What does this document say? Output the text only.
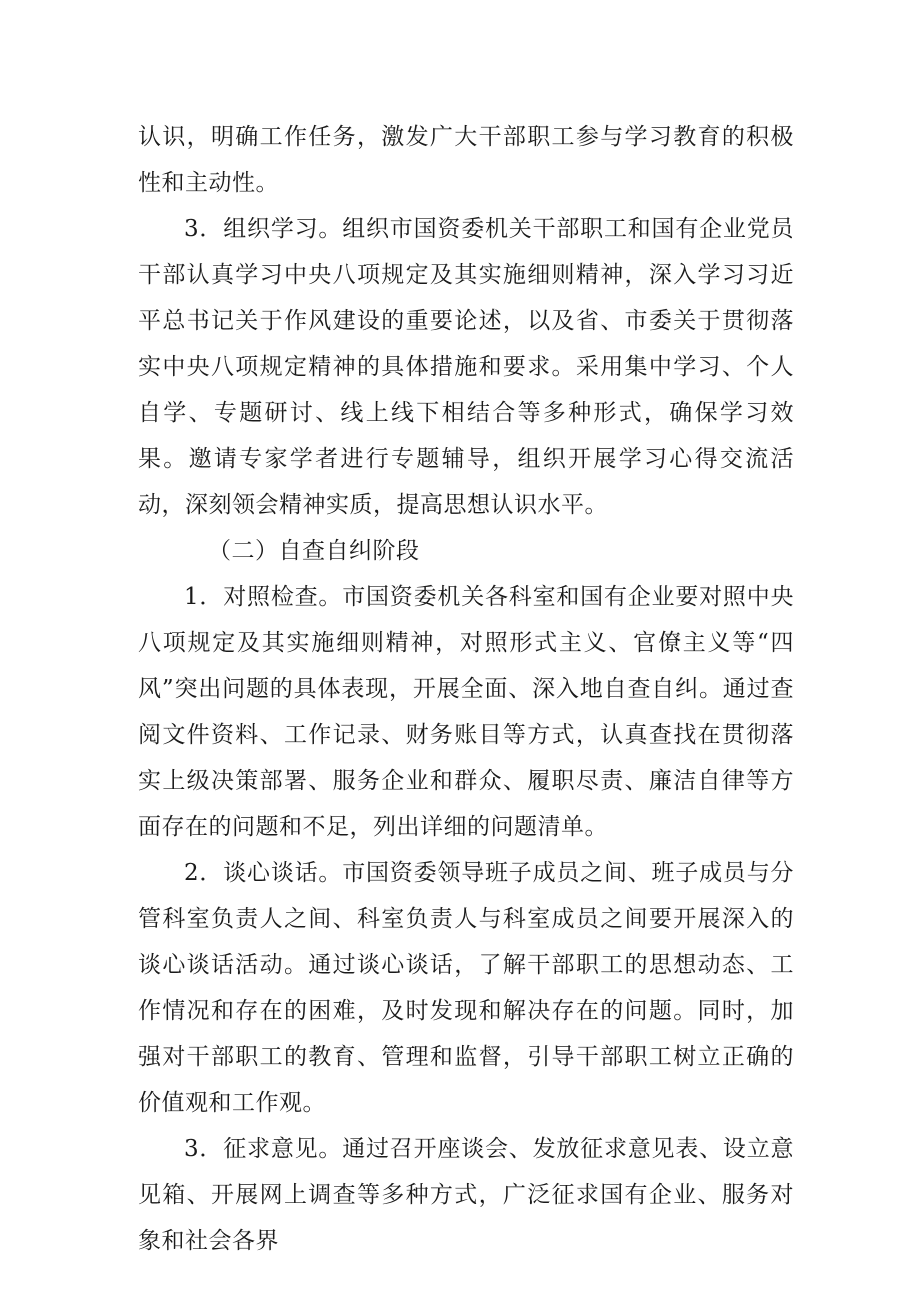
认识，明确工作任务，激发广大干部职工参与学习教育的积极性和主动性。

3．组织学习。组织市国资委机关干部职工和国有企业党员干部认真学习中央八项规定及其实施细则精神，深入学习习近平总书记关于作风建设的重要论述，以及省、市委关于贯彻落实中央八项规定精神的具体措施和要求。采用集中学习、个人自学、专题研讨、线上线下相结合等多种形式，确保学习效果。邀请专家学者进行专题辅导，组织开展学习心得交流活动，深刻领会精神实质，提高思想认识水平。

（二）自查自纠阶段

1．对照检查。市国资委机关各科室和国有企业要对照中央八项规定及其实施细则精神，对照形式主义、官僚主义等“四风”突出问题的具体表现，开展全面、深入地自查自纠。通过查阅文件资料、工作记录、财务账目等方式，认真查找在贯彻落实上级决策部署、服务企业和群众、履职尽责、廉洁自律等方面存在的问题和不足，列出详细的问题清单。

2．谈心谈话。市国资委领导班子成员之间、班子成员与分管科室负责人之间、科室负责人与科室成员之间要开展深入的谈心谈话活动。通过谈心谈话，了解干部职工的思想动态、工作情况和存在的困难，及时发现和解决存在的问题。同时，加强对干部职工的教育、管理和监督，引导干部职工树立正确的价值观和工作观。

3．征求意见。通过召开座谈会、发放征求意见表、设立意见箱、开展网上调查等多种方式，广泛征求国有企业、服务对象和社会各界
